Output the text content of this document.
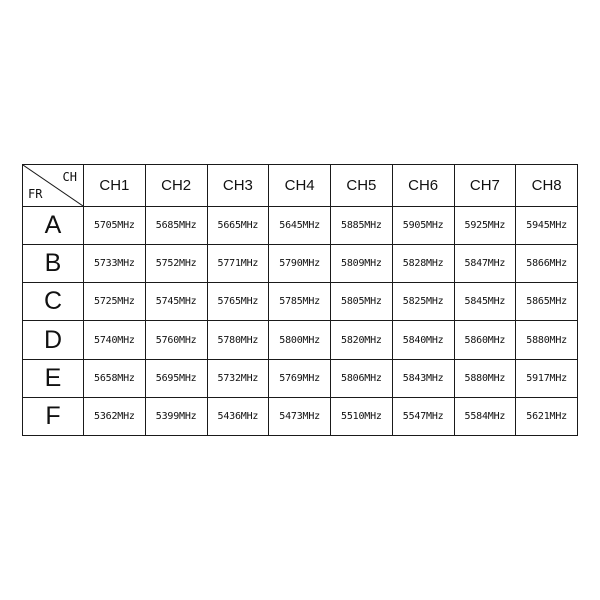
CH
FR	CH1	CH2	CH3	CH4	CH5	CH6	CH7	CH8
A	5705MHz	5685MHz	5665MHz	5645MHz	5885MHz	5905MHz	5925MHz	5945MHz
B	5733MHz	5752MHz	5771MHz	5790MHz	5809MHz	5828MHz	5847MHz	5866MHz
C	5725MHz	5745MHz	5765MHz	5785MHz	5805MHz	5825MHz	5845MHz	5865MHz
D	5740MHz	5760MHz	5780MHz	5800MHz	5820MHz	5840MHz	5860MHz	5880MHz
E	5658MHz	5695MHz	5732MHz	5769MHz	5806MHz	5843MHz	5880MHz	5917MHz
F	5362MHz	5399MHz	5436MHz	5473MHz	5510MHz	5547MHz	5584MHz	5621MHz
